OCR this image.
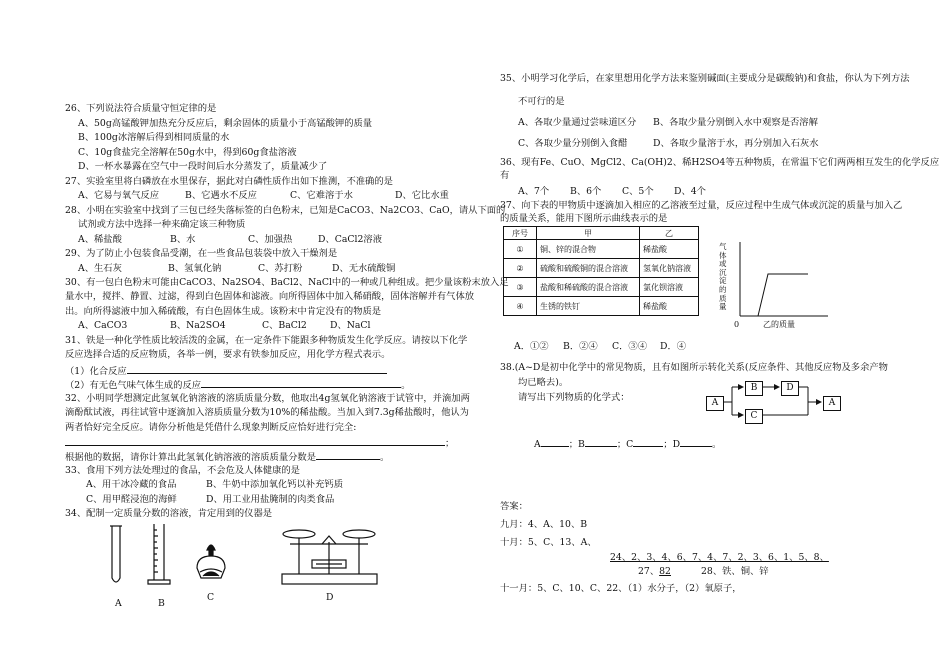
26、下列说法符合质量守恒定律的是
A、50g高锰酸钾加热充分反应后，剩余固体的质量小于高锰酸钾的质量
B、100g冰溶解后得到相同质量的水
C、10g食盐完全溶解在50g水中，得到60g食盐溶液
D、一杯水暴露在空气中一段时间后水分蒸发了，质量减少了
27、实验室里将白磷放在水里保存，据此对白磷性质作出如下推测，不准确的是
A、它易与氧气反应	B、它遇水不反应	C、它难溶于水	D、它比水重
28、小明在实验室中找到了三包已经失落标签的白色粉末，已知是CaCO3、Na2CO3、CaO，请从下面的
试剂或方法中选择一种来确定该三种物质
A、稀盐酸	B、水	C、加强热	D、CaCl2溶液
29、为了防止小包装食品受潮，在一些食品包装袋中放入干燥剂是
A、生石灰	B、氢氧化钠	C、苏打粉	D、无水硫酸铜
30、有一包白色粉末可能由CaCO3、Na2SO4、BaCl2、NaCl中的一种或几种组成。把少量该粉末放入足
量水中，搅拌、静置、过滤，得到白色固体和滤液。向所得固体中加入稀硝酸，固体溶解并有气体放
出。向所得滤液中加入稀硫酸，有白色固体生成。该粉末中肯定没有的物质是
A、CaCO3	B、Na2SO4	C、BaCl2 D、NaCl
31、铁是一种化学性质比较活泼的金属，在一定条件下能跟多种物质发生化学反应。请按以下化学
反应选择合适的反应物质，各举一例，要求有铁参加反应，用化学方程式表示。
（1）化合反应
（2）有无色气味气体生成的反应	。
32、小明同学想测定此氢氧化钠溶液的溶质质量分数，他取出4g氢氧化钠溶液于试管中，并滴加两
滴酚酞试液，再往试管中逐滴加入溶质质量分数为10%的稀盐酸。当加入到7.3g稀盐酸时，他认为
两者恰好完全反应。请你分析他是凭借什么现象判断反应恰好进行完全:
；
根据他的数据，请你计算出此氢氧化钠溶液的溶质质量分数是	。
33、食用下列方法处理过的食品，不会危及人体健康的是
A、用干冰冷藏的食品	B、牛奶中添加氧化钙以补充钙质
C、用甲醛浸泡的海鲜	D、用工业用盐腌制的肉类食品
34、配制一定质量分数的溶液，肯定用到的仪器是
A	B
C	D
35、小明学习化学后，在家里想用化学方法来鉴别碱面(主要成分是碳酸钠)和食盐，你认为下列方法
不可行的是
A、各取少量通过尝味道区分 B、各取少量分别倒入水中观察是否溶解
C、各取少量分别倒入食醋	D、各取少量溶于水，再分别加入石灰水
36、现有Fe、CuO、MgCl2、Ca(OH)2、稀H2SO4等五种物质，在常温下它们两两相互发生的化学反应
有
A、7个 B、6个 C、5个 D、4个
37、向下表的甲物质中逐滴加入相应的乙溶液至过量，反应过程中生成气体或沉淀的质量与加入乙
的质量关系，能用下图所示曲线表示的是
序号	甲	乙
①	铜、锌的混合物	稀盐酸
②	硫酸和硫酸铜的混合溶液	氢氧化钠溶液
③	盐酸和稀硫酸的混合溶液	氯化钡溶液
④	生锈的铁钉	稀盐酸
气体或沉淀的质量
0	乙的质量
A．①② B．②④ C．③④ D．④
38.(A~D是初中化学中的常见物质，且有如图所示转化关系(反应条件、其他反应物及多余产物
均已略去)。
请写出下列物质的化学式：	A
B
C
D
A
A	；B	；C	；D	。
答案：
九月：4、A、10、B
十月：5、C、13、A、
24、2、3、4、6、7、4、7、2、3、6、1、5、8、
27、82	28、铁、铜、锌
十一月：5、C、10、C、22、（1）水分子，（2）氧原子，
